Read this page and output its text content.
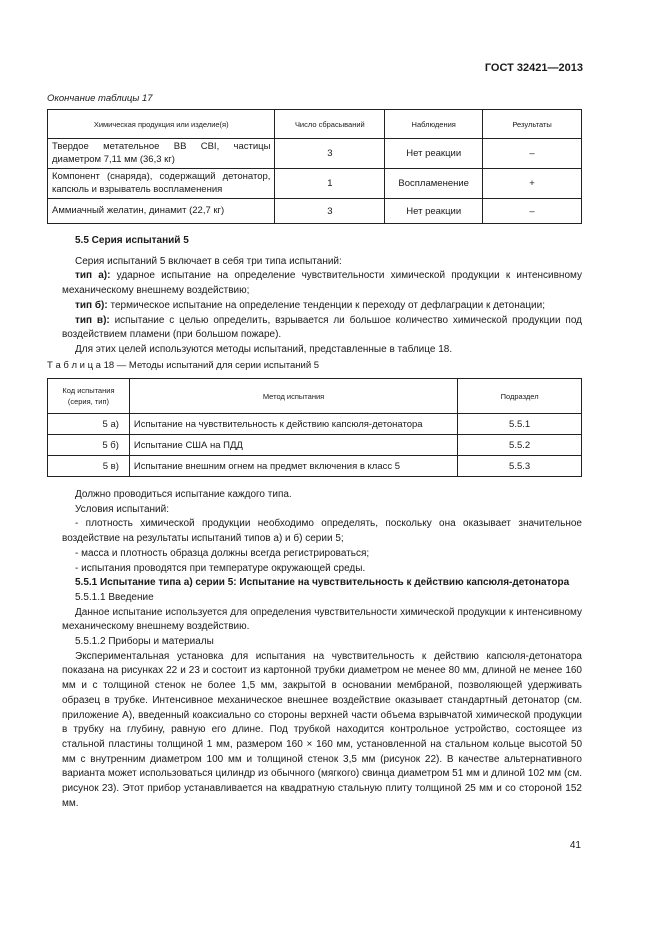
ГОСТ 32421—2013
Окончание таблицы 17
Химическая продукция или изделие(я)	Число сбрасываний	Наблюдения	Результаты
Твердое метательное ВВ CBI, частицы диаметром 7,11 мм (36,3 кг)	3	Нет реакции	–
Компонент (снаряда), содержащий детонатор, капсюль и взрыватель воспламенения	1	Воспламенение	+
Аммиачный желатин, динамит (22,7 кг)	3	Нет реакции	–

5.5 Серия испытаний 5

Серия испытаний 5 включает в себя три типа испытаний:

тип а): ударное испытание на определение чувствительности химической продукции к интенсивному механическому внешнему воздействию;

тип б): термическое испытание на определение тенденции к переходу от дефлаграции к детонации;

тип в): испытание с целью определить, взрывается ли большое количество химической продукции под воздействием пламени (при большом пожаре).

Для этих целей используются методы испытаний, представленные в таблице 18.

Т а б л и ц а 18 — Методы испытаний для серии испытаний 5
Код испытания
(серия, тип)	Метод испытания	Подраздел
5 а)	Испытание на чувствительность к действию капсюля-детонатора	5.5.1
5 б)	Испытание США на ПДД	5.5.2
5 в)	Испытание внешним огнем на предмет включения в класс 5	5.5.3

Должно проводиться испытание каждого типа.

Условия испытаний:

- плотность химической продукции необходимо определять, поскольку она оказывает значительное воздействие на результаты испытаний типов а) и б) серии 5;

- масса и плотность образца должны всегда регистрироваться;

- испытания проводятся при температуре окружающей среды.

5.5.1 Испытание типа а) серии 5: Испытание на чувствительность к действию капсюля-детонатора

5.5.1.1 Введение

Данное испытание используется для определения чувствительности химической продукции к интенсивному механическому внешнему воздействию.

5.5.1.2 Приборы и материалы

Экспериментальная установка для испытания на чувствительность к действию капсюля-детонатора показана на рисунках 22 и 23 и состоит из картонной трубки диаметром не менее 80 мм, длиной не менее 160 мм и с толщиной стенок не более 1,5 мм, закрытой в основании мембраной, позволяющей удерживать образец в трубке. Интенсивное механическое внешнее воздействие оказывает стандартный детонатор (см. приложение А), введенный коаксиально со стороны верхней части объема взрывчатой химической продукции в трубку на глубину, равную его длине. Под трубкой находится контрольное устройство, состоящее из стальной пластины толщиной 1 мм, размером 160 × 160 мм, установленной на стальном кольце высотой 50 мм с внутренним диаметром 100 мм и толщиной стенок 3,5 мм (рисунок 22). В качестве альтернативного варианта может использоваться цилиндр из обычного (мягкого) свинца диаметром 51 мм и длиной 102 мм (см. рисунок 23). Этот прибор устанавливается на квадратную стальную плиту толщиной 25 мм и со стороной 152 мм.

41
